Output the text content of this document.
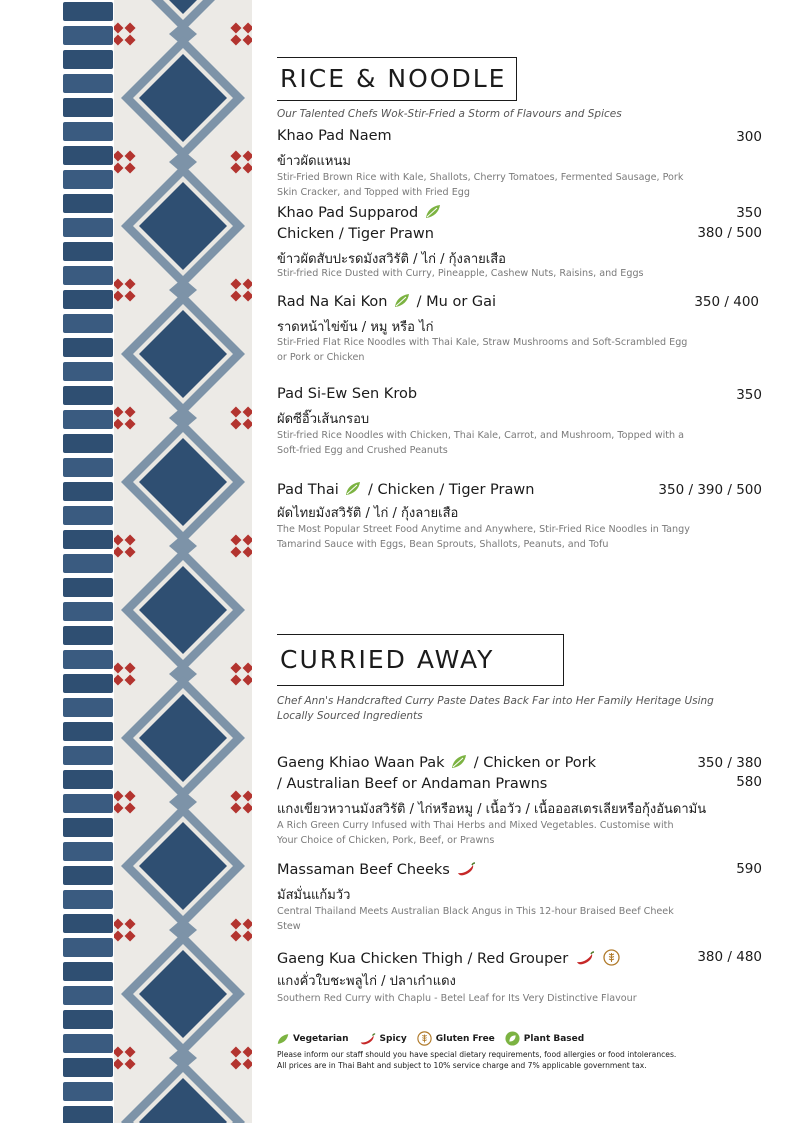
RICE & NOODLE
Our Talented Chefs Wok-Stir-Fried a Storm of Flavours and Spices
Khao Pad Naem	300
ข้าวผัดแหนม
Stir-Fried Brown Rice with Kale, Shallots, Cherry Tomatoes, Fermented Sausage, Pork Skin Cracker, and Topped with Fried Egg
Khao Pad Supparod	350
Chicken / Tiger Prawn	380 / 500
ข้าวผัดสับปะรดมังสวิรัติ / ไก่ / กุ้งลายเสือ
Stir-fried Rice Dusted with Curry, Pineapple, Cashew Nuts, Raisins, and Eggs
Rad Na Kai Kon / Mu or Gai	350 / 400
ราดหน้าไข่ข้น / หมู หรือ ไก่
Stir-Fried Flat Rice Noodles with Thai Kale, Straw Mushrooms and Soft-Scrambled Egg or Pork or Chicken
Pad Si-Ew Sen Krob	350
ผัดซีอิ๊วเส้นกรอบ
Stir-fried Rice Noodles with Chicken, Thai Kale, Carrot, and Mushroom, Topped with a Soft-fried Egg and Crushed Peanuts
Pad Thai / Chicken / Tiger Prawn	350 / 390 / 500
ผัดไทยมังสวิรัติ / ไก่ / กุ้งลายเสือ
The Most Popular Street Food Anytime and Anywhere, Stir-Fried Rice Noodles in Tangy Tamarind Sauce with Eggs, Bean Sprouts, Shallots, Peanuts, and Tofu
CURRIED AWAY
Chef Ann's Handcrafted Curry Paste Dates Back Far into Her Family Heritage Using Locally Sourced Ingredients
Gaeng Khiao Waan Pak / Chicken or Pork	350 / 380
/ Australian Beef or Andaman Prawns	580
แกงเขียวหวานมังสวิรัติ / ไก่หรือหมู / เนื้อวัว / เนื้อออสเตรเลียหรือกุ้งอันดามัน
A Rich Green Curry Infused with Thai Herbs and Mixed Vegetables. Customise with Your Choice of Chicken, Pork, Beef, or Prawns
Massaman Beef Cheeks	590
มัสมั่นแก้มวัว
Central Thailand Meets Australian Black Angus in This 12-hour Braised Beef Cheek Stew
Gaeng Kua Chicken Thigh / Red Grouper	380 / 480
แกงคั่วใบชะพลูไก่ / ปลาเก๋าแดง
Southern Red Curry with Chaplu - Betel Leaf for Its Very Distinctive Flavour
Vegetarian	Spicy	Gluten Free	Plant Based
Please inform our staff should you have special dietary requirements, food allergies or food intolerances.
All prices are in Thai Baht and subject to 10% service charge and 7% applicable government tax.
